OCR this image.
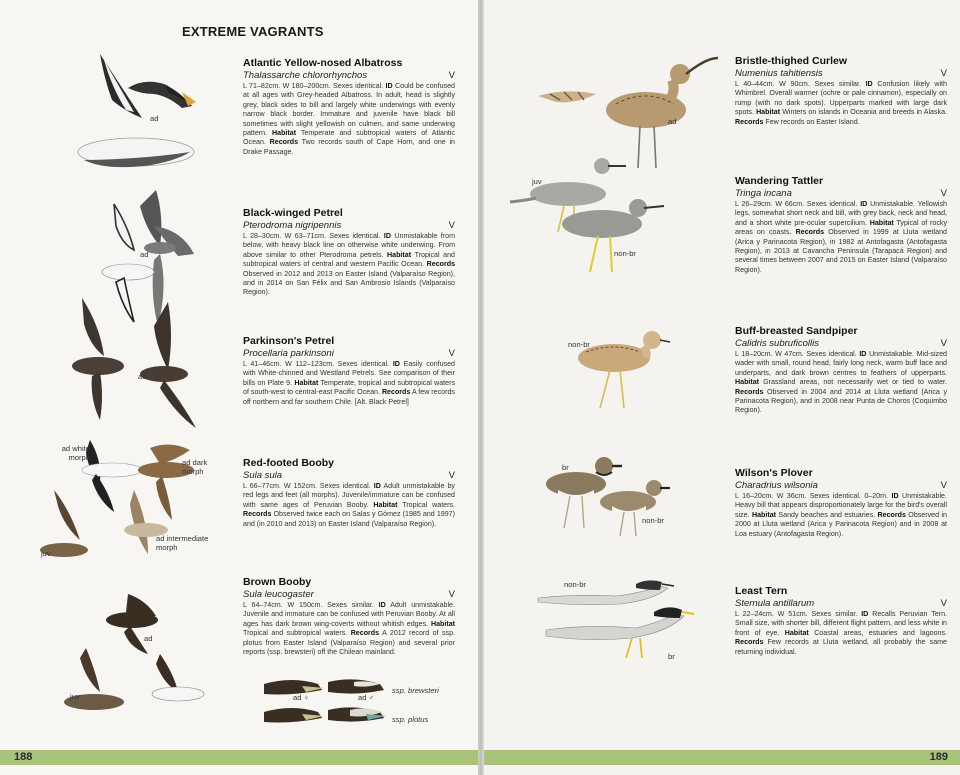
EXTREME VAGRANTS
ad
ad
ad
ad white morph
ad dark morph
ad intermediate morph
juv
ad
juv	ad ♀	ad ♂
ssp. brewsteri
ssp. plotus
Atlantic Yellow-nosed Albatross
Thalassarche chlororhynchos	V
L 71–82cm. W 180–200cm. Sexes identical. ID Could be confused at all ages with Grey-headed Albatross. In adult, head is slightly grey, black sides to bill and largely white underwings with evenly narrow black border. Immature and juvenile have black bill sometimes with slight yellowish on culmen, and same underwing pattern. Habitat Temperate and subtropical waters of Atlantic Ocean. Records Two records south of Cape Horn, and one in Drake Passage.
Black-winged Petrel
Pterodroma nigripennis	V
L 28–30cm. W 63–71cm. Sexes identical. ID Unmistakable from below, with heavy black line on otherwise white underwing. From above similar to other Pterodroma petrels. Habitat Tropical and subtropical waters of central and western Pacific Ocean. Records Observed in 2012 and 2013 on Easter Island (Valparaíso Region), and in 2014 on San Félix and San Ambrosio Islands (Valparaíso Region).
Parkinson's Petrel
Procellaria parkinsoni	V
L 41–46cm. W 112–123cm. Sexes identical. ID Easily confused with White-chinned and Westland Petrels. See comparison of their bills on Plate 9. Habitat Temperate, tropical and subtropical waters of south-west to central-east Pacific Ocean. Records A few records off northern and far southern Chile. [Alt. Black Petrel]
Red-footed Booby
Sula sula	V
L 66–77cm. W 152cm. Sexes identical. ID Adult unmistakable by red legs and feet (all morphs). Juvenile/immature can be confused with same ages of Peruvian Booby. Habitat Tropical waters. Records Observed twice each on Salas y Gómez (1985 and 1997) and (in 2010 and 2013) on Easter Island (Valparaíso Region).
Brown Booby
Sula leucogaster	V
L 64–74cm. W 150cm. Sexes similar. ID Adult unmistakable. Juvenile and immature can be confused with Peruvian Booby. At all ages has dark brown wing-coverts without whitish edges. Habitat Tropical and subtropical waters. Records A 2012 record of ssp. plotus from Easter Island (Valparaíso Region) and several prior reports (ssp. brewsteri) off the Chilean mainland.
188
ad
juv
non-br
non-br
br
non-br
non-br
br
Bristle-thighed Curlew
Numenius tahitiensis	V
L 40–44cm. W 90cm. Sexes similar. ID Confusion likely with Whimbrel. Overall warmer (ochre or pale cinnamon), especially on rump (with no dark spots). Upperparts marked with large dark spots. Habitat Winters on islands in Oceania and breeds in Alaska. Records Few records on Easter Island.
Wandering Tattler
Tringa incana	V
L 26–29cm. W 66cm. Sexes identical. ID Unmistakable. Yellowish legs, somewhat short neck and bill, with grey back, neck and head, and a short white pre-ocular supercilium. Habitat Typical of rocky areas on coasts. Records Observed in 1999 at Lluta wetland (Arica y Parinacota Region), in 1982 at Antofagasta (Antofagasta Region), in 2013 at Cavancha Peninsula (Tarapacá Region) and several times between 2007 and 2015 on Easter Island (Valparaíso Region).
Buff-breasted Sandpiper
Calidris subruficollis	V
L 18–20cm. W 47cm. Sexes identical. ID Unmistakable. Mid-sized wader with small, round head, fairly long neck, warm buff face and underparts, and dark brown centres to feathers of upperparts. Habitat Grassland areas, not necessarily wet or tied to water. Records Observed in 2004 and 2014 at Lluta wetland (Arica y Parinacota Region), and in 2008 near Punta de Choros (Coquimbo Region).
Wilson's Plover
Charadrius wilsonia	V
L 16–20cm. W 36cm. Sexes identical. 0–20m. ID Unmistakable. Heavy bill that appears disproportionately large for the bird's overall size. Habitat Sandy beaches and estuaries. Records Observed in 2000 at Lluta wetland (Arica y Parinacota Region) and in 2008 at Loa estuary (Antofagasta Region).
Least Tern
Sternula antillarum	V
L 22–24cm. W 51cm. Sexes similar. ID Recalls Peruvian Tern. Small size, with shorter bill, different flight pattern, and less white in front of eye. Habitat Coastal areas, estuaries and lagoons. Records Few records at Lluta wetland, all probably the same returning individual.
189
